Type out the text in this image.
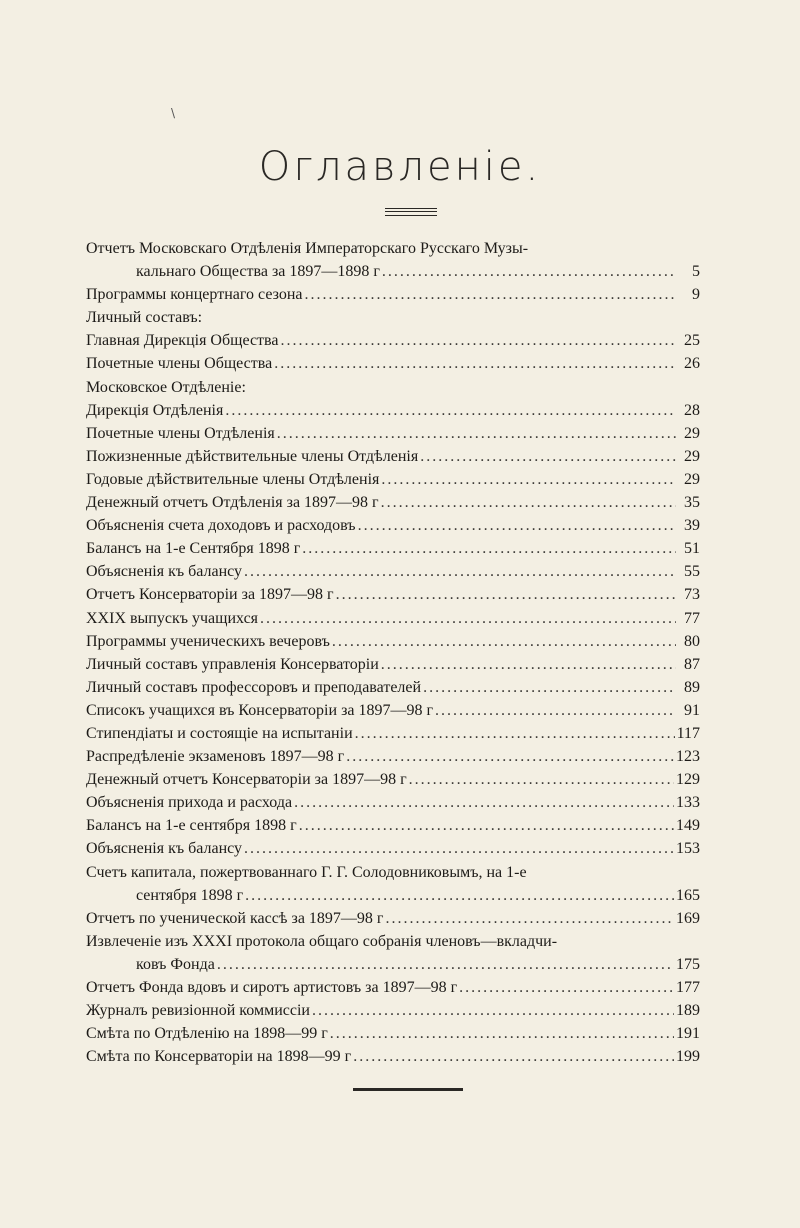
\
Оглавленіе.
Отчетъ Московскаго Отдѣленія Императорскаго Русскаго Музы-
кальнаго Общества за 1897—1898 г .....	5
Программы концертнаго сезона .....	9
Личный составъ:
Главная Дирекція Общества .....	25
Почетные члены Общества .....	26
Московское Отдѣленіе:
Дирекція Отдѣленія .....	28
Почетные члены Отдѣленія .....	29
Пожизненные дѣйствительные члены Отдѣленія .....	29
Годовые дѣйствительные члены Отдѣленія .....	29
Денежный отчетъ Отдѣленія за 1897—98 г .....	35
Объясненія счета доходовъ и расходовъ .....	39
Балансъ на 1-е Сентября 1898 г .....	51
Объясненія къ балансу .....	55
Отчетъ Консерваторіи за 1897—98 г .....	73
XXIX выпускъ учащихся .....	77
Программы ученическихъ вечеровъ .....	80
Личный составъ управленія Консерваторіи .....	87
Личный составъ профессоровъ и преподавателей .....	89
Списокъ учащихся въ Консерваторіи за 1897—98 г .....	91
Стипендіаты и состоящіе на испытаніи .....	117
Распредѣленіе экзаменовъ 1897—98 г .....	123
Денежный отчетъ Консерваторіи за 1897—98 г .....	129
Объясненія прихода и расхода .....	133
Балансъ на 1-е сентября 1898 г .....	149
Объясненія къ балансу .....	153
Счетъ капитала, пожертвованнаго Г. Г. Солодовниковымъ, на 1-е
сентября 1898 г .....	165
Отчетъ по ученической кассѣ за 1897—98 г .....	169
Извлеченіе изъ XXXI протокола общаго собранія членовъ—вкладчи-
ковъ Фонда .....	175
Отчетъ Фонда вдовъ и сиротъ артистовъ за 1897—98 г .....	177
Журналъ ревизіонной коммиссіи .....	189
Смѣта по Отдѣленію на 1898—99 г .....	191
Смѣта по Консерваторіи на 1898—99 г .....	199
